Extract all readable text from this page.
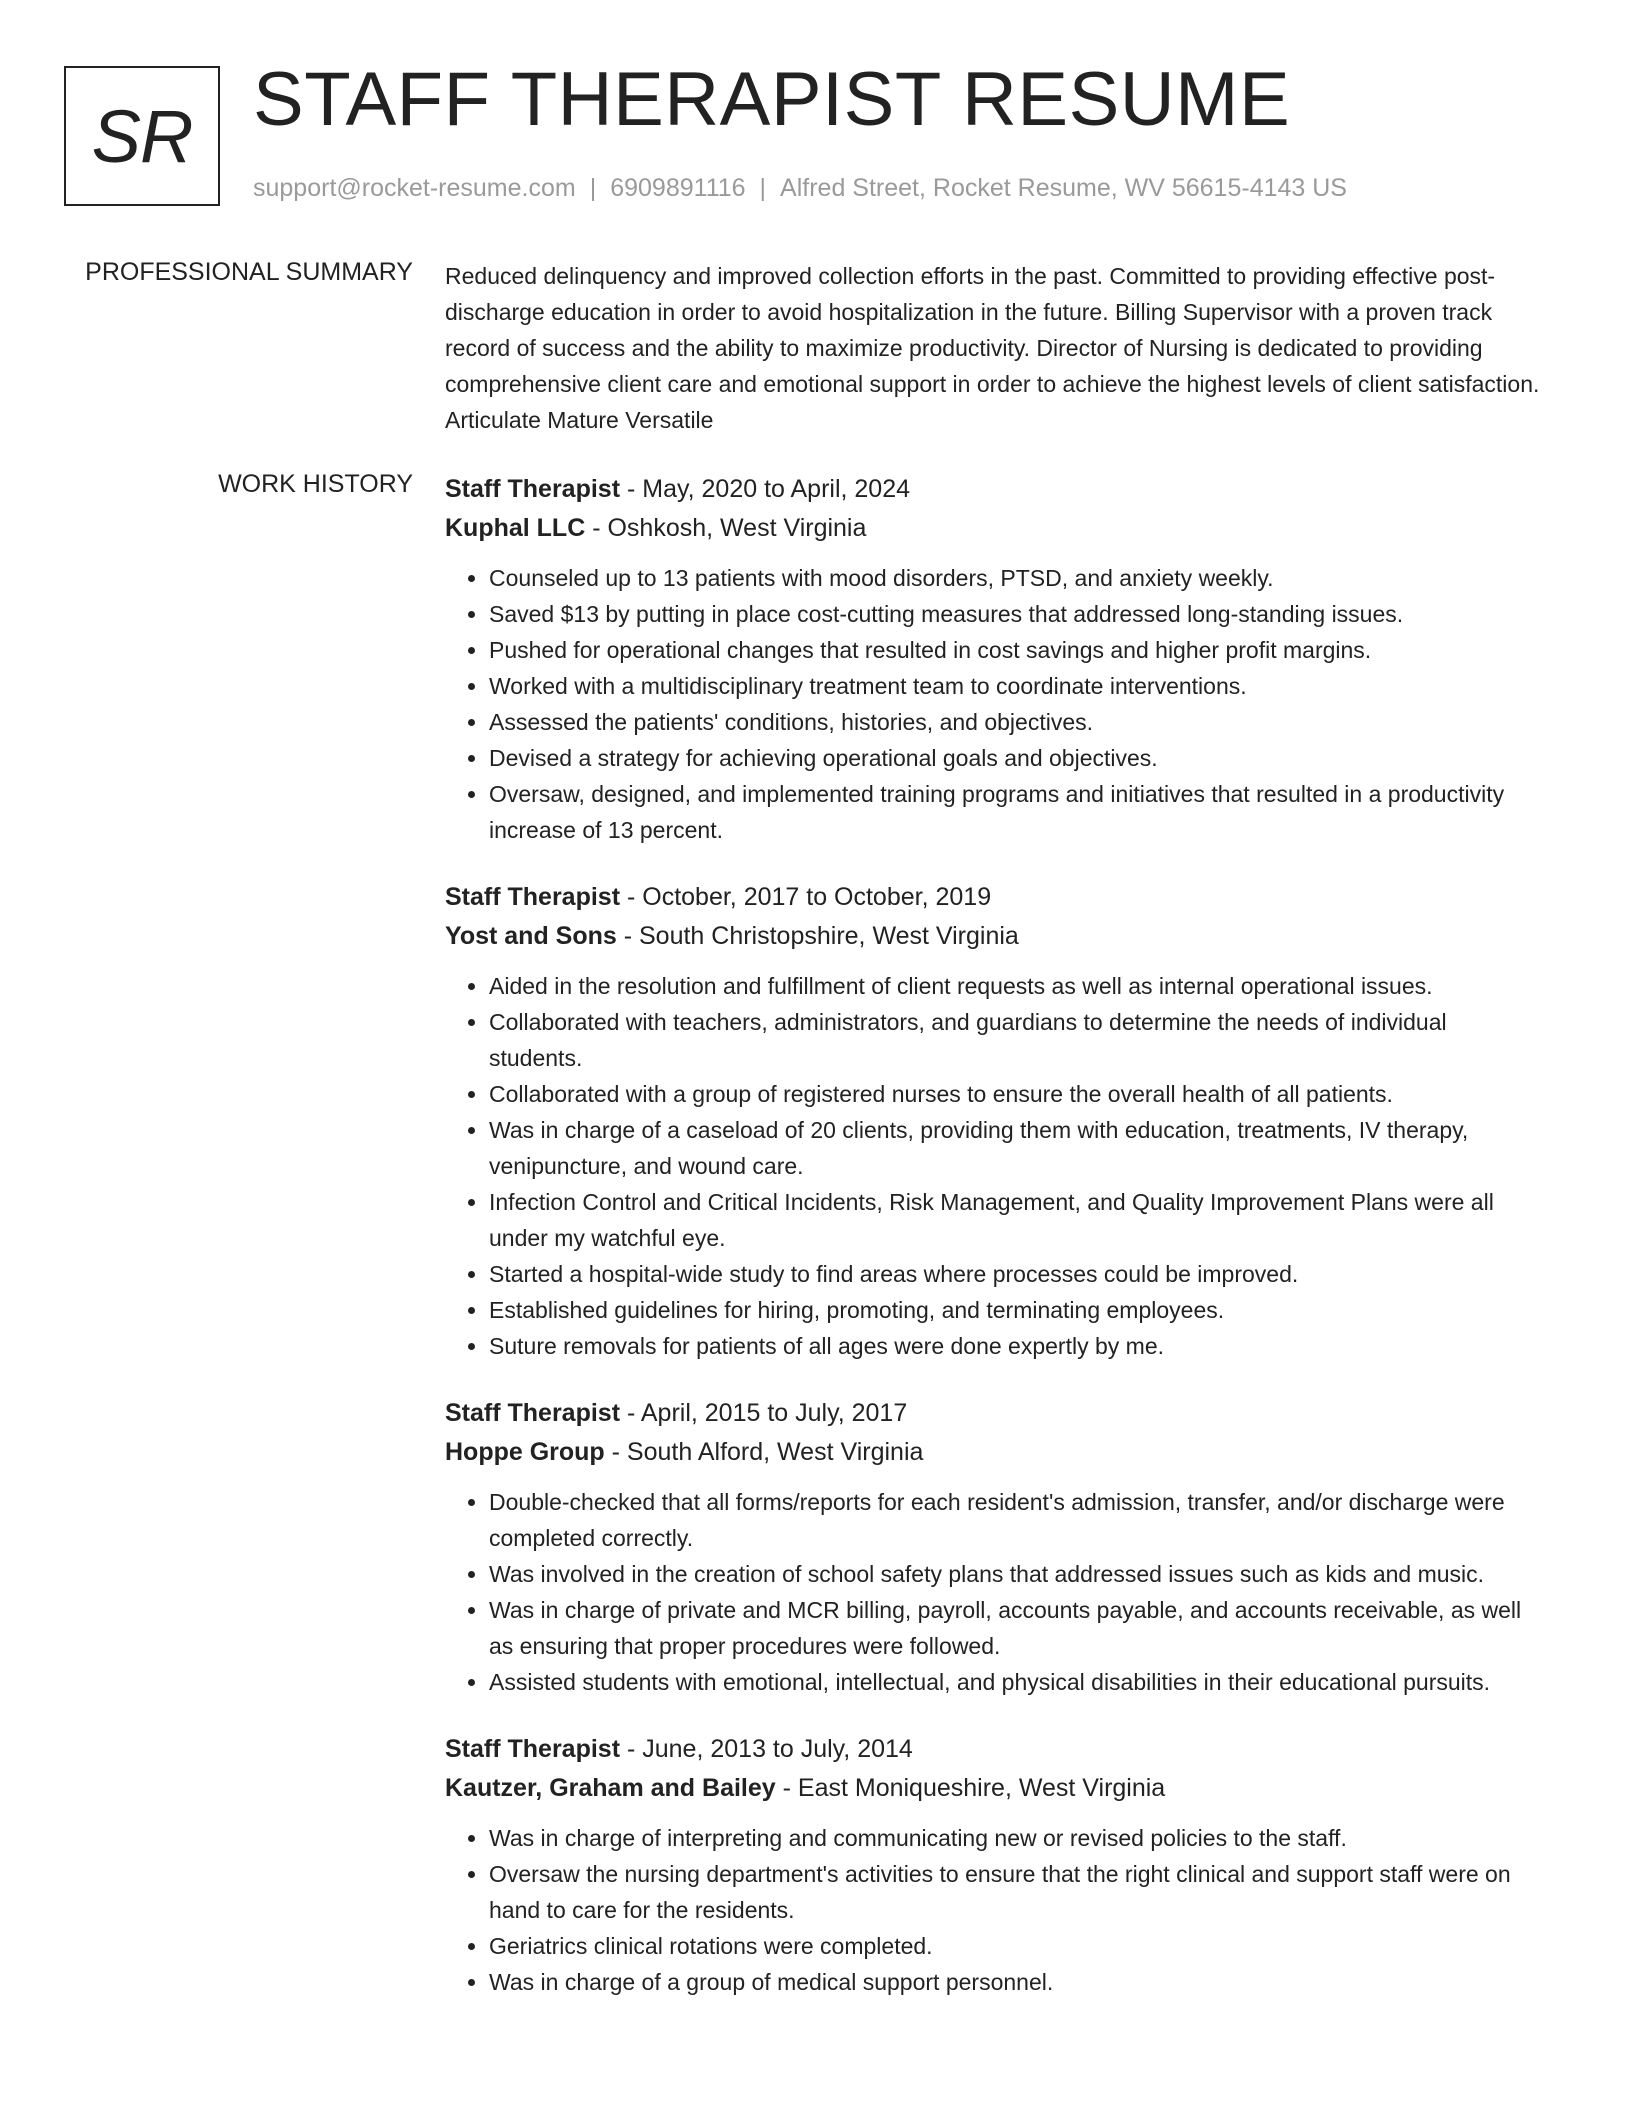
SR STAFF THERAPIST RESUME
support@rocket-resume.com | 6909891116 | Alfred Street, Rocket Resume, WV 56615-4143 US
PROFESSIONAL SUMMARY Reduced delinquency and improved collection efforts in the past. Committed to providing effective post-discharge education in order to avoid hospitalization in the future. Billing Supervisor with a proven track record of success and the ability to maximize productivity. Director of Nursing is dedicated to providing comprehensive client care and emotional support in order to achieve the highest levels of client satisfaction. Articulate Mature Versatile

WORK HISTORY Staff Therapist - May, 2020 to April, 2024
Kuphal LLC - Oshkosh, West Virginia
• Counseled up to 13 patients with mood disorders, PTSD, and anxiety weekly.
• Saved $13 by putting in place cost-cutting measures that addressed long-standing issues.
• Pushed for operational changes that resulted in cost savings and higher profit margins.
• Worked with a multidisciplinary treatment team to coordinate interventions.
• Assessed the patients' conditions, histories, and objectives.
• Devised a strategy for achieving operational goals and objectives.
• Oversaw, designed, and implemented training programs and initiatives that resulted in a productivity increase of 13 percent.
Staff Therapist - October, 2017 to October, 2019
Yost and Sons - South Christopshire, West Virginia
• Aided in the resolution and fulfillment of client requests as well as internal operational issues.
• Collaborated with teachers, administrators, and guardians to determine the needs of individual students.
• Collaborated with a group of registered nurses to ensure the overall health of all patients.
• Was in charge of a caseload of 20 clients, providing them with education, treatments, IV therapy, venipuncture, and wound care.
• Infection Control and Critical Incidents, Risk Management, and Quality Improvement Plans were all under my watchful eye.
• Started a hospital-wide study to find areas where processes could be improved.
• Established guidelines for hiring, promoting, and terminating employees.
• Suture removals for patients of all ages were done expertly by me.
Staff Therapist - April, 2015 to July, 2017
Hoppe Group - South Alford, West Virginia
• Double-checked that all forms/reports for each resident's admission, transfer, and/or discharge were completed correctly.
• Was involved in the creation of school safety plans that addressed issues such as kids and music.
• Was in charge of private and MCR billing, payroll, accounts payable, and accounts receivable, as well as ensuring that proper procedures were followed.
• Assisted students with emotional, intellectual, and physical disabilities in their educational pursuits.
Staff Therapist - June, 2013 to July, 2014
Kautzer, Graham and Bailey - East Moniqueshire, West Virginia
• Was in charge of interpreting and communicating new or revised policies to the staff.
• Oversaw the nursing department's activities to ensure that the right clinical and support staff were on hand to care for the residents.
• Geriatrics clinical rotations were completed.
• Was in charge of a group of medical support personnel.
